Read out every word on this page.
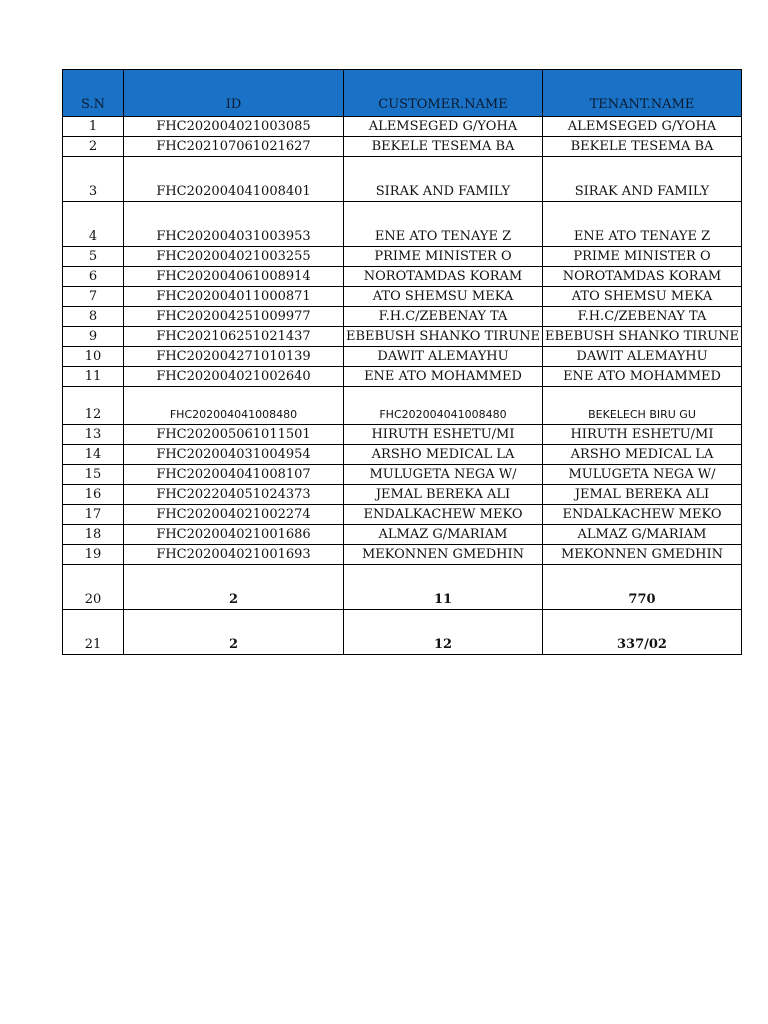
S.N	ID	CUSTOMER.NAME	TENANT.NAME
1	FHC202004021003085	ALEMSEGED G/YOHA	ALEMSEGED G/YOHA
2	FHC202107061021627	BEKELE TESEMA BA	BEKELE TESEMA BA
3	FHC202004041008401	SIRAK AND FAMILY	SIRAK AND FAMILY
4	FHC202004031003953	ENE ATO TENAYE Z	ENE ATO TENAYE Z
5	FHC202004021003255	PRIME MINISTER O	PRIME MINISTER O
6	FHC202004061008914	NOROTAMDAS KORAM	NOROTAMDAS KORAM
7	FHC202004011000871	ATO SHEMSU MEKA	ATO SHEMSU MEKA
8	FHC202004251009977	F.H.C/ZEBENAY TA	F.H.C/ZEBENAY TA
9	FHC202106251021437	EBEBUSH SHANKO TIRUNE	EBEBUSH SHANKO TIRUNE
10	FHC202004271010139	DAWIT ALEMAYHU	DAWIT ALEMAYHU
11	FHC202004021002640	ENE ATO MOHAMMED	ENE ATO MOHAMMED
12	FHC202004041008480	FHC202004041008480	BEKELECH BIRU GU
13	FHC202005061011501	HIRUTH ESHETU/MI	HIRUTH ESHETU/MI
14	FHC202004031004954	ARSHO MEDICAL LA	ARSHO MEDICAL LA
15	FHC202004041008107	MULUGETA NEGA W/	MULUGETA NEGA W/
16	FHC202204051024373	JEMAL BEREKA ALI	JEMAL BEREKA ALI
17	FHC202004021002274	ENDALKACHEW MEKO	ENDALKACHEW MEKO
18	FHC202004021001686	ALMAZ G/MARIAM	ALMAZ G/MARIAM
19	FHC202004021001693	MEKONNEN GMEDHIN	MEKONNEN GMEDHIN
20	2	11	770
21	2	12	337/02
